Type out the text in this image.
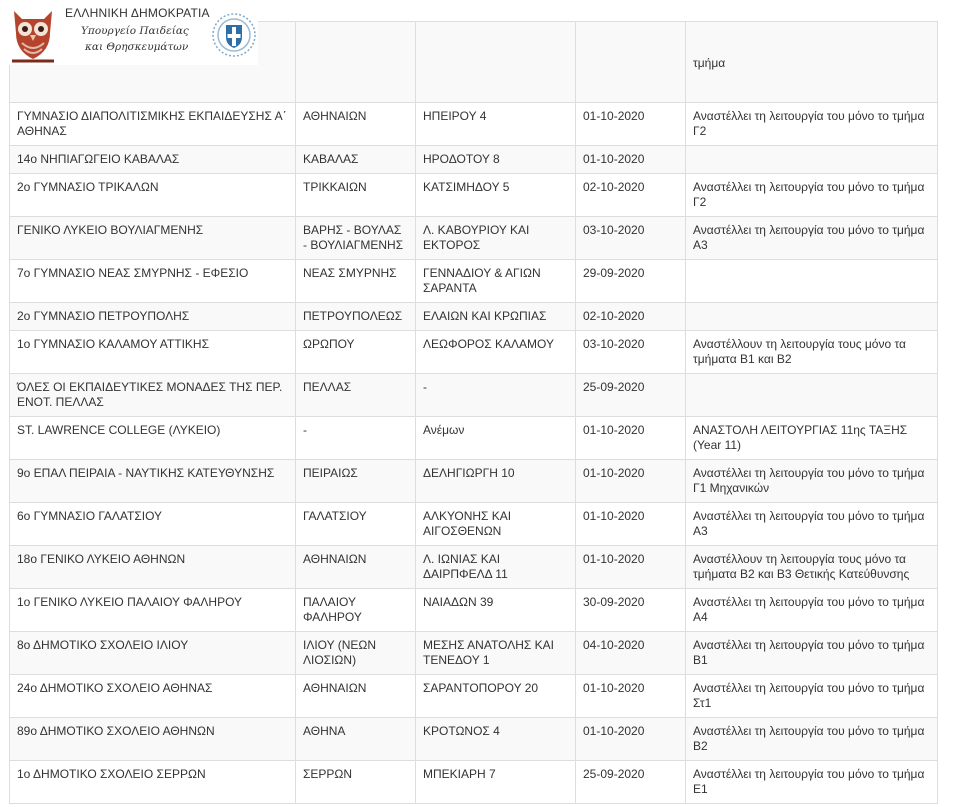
ΕΛΛΗΝΙΚΗ ΔΗΜΟΚΡΑΤΙΑ
Υπουργείο Παιδείας
και Θρησκευμάτων
				τμήμα
ΓΥΜΝΑΣΙΟ ΔΙΑΠΟΛΙΤΙΣΜΙΚΗΣ ΕΚΠΑΙΔΕΥΣΗΣ Α΄ ΑΘΗΝΑΣ	ΑΘΗΝΑΙΩΝ	ΗΠΕΙΡΟΥ 4	01-10-2020	Αναστέλλει τη λειτουργία του μόνο το τμήμα Γ2
14ο ΝΗΠΙΑΓΩΓΕΙΟ ΚΑΒΑΛΑΣ	ΚΑΒΑΛΑΣ	ΗΡΟΔΟΤΟΥ 8	01-10-2020	
2ο ΓΥΜΝΑΣΙΟ ΤΡΙΚΑΛΩΝ	ΤΡΙΚΚΑΙΩΝ	ΚΑΤΣΙΜΗΔΟΥ 5	02-10-2020	Αναστέλλει τη λειτουργία του μόνο το τμήμα Γ2
ΓΕΝΙΚΟ ΛΥΚΕΙΟ ΒΟΥΛΙΑΓΜΕΝΗΣ	ΒΑΡΗΣ - ΒΟΥΛΑΣ - ΒΟΥΛΙΑΓΜΕΝΗΣ	Λ. ΚΑΒΟΥΡΙΟΥ ΚΑΙ ΕΚΤΟΡΟΣ	03-10-2020	Αναστέλλει τη λειτουργία του μόνο το τμήμα Α3
7ο ΓΥΜΝΑΣΙΟ ΝΕΑΣ ΣΜΥΡΝΗΣ - ΕΦΕΣΙΟ	ΝΕΑΣ ΣΜΥΡΝΗΣ	ΓΕΝΝΑΔΙΟΥ & ΑΓΙΩΝ ΣΑΡΑΝΤΑ	29-09-2020	
2ο ΓΥΜΝΑΣΙΟ ΠΕΤΡΟΥΠΟΛΗΣ	ΠΕΤΡΟΥΠΟΛΕΩΣ	ΕΛΑΙΩΝ ΚΑΙ ΚΡΩΠΙΑΣ	02-10-2020	
1ο ΓΥΜΝΑΣΙΟ ΚΑΛΑΜΟΥ ΑΤΤΙΚΗΣ	ΩΡΩΠΟΥ	ΛΕΩΦΟΡΟΣ ΚΑΛΑΜΟΥ	03-10-2020	Αναστέλλουν τη λειτουργία τους μόνο τα τμήματα Β1 και Β2
ΌΛΕΣ ΟΙ ΕΚΠΑΙΔΕΥΤΙΚΕΣ ΜΟΝΑΔΕΣ ΤΗΣ ΠΕΡ. ΕΝΟΤ. ΠΕΛΛΑΣ	ΠΕΛΛΑΣ	-	25-09-2020	
ST. LAWRENCE COLLEGE (ΛΥΚΕΙΟ)	-	Ανέμων	01-10-2020	ΑΝΑΣΤΟΛΗ ΛΕΙΤΟΥΡΓΙΑΣ 11ης ΤΑΞΗΣ (Year 11)
9ο ΕΠΑΛ ΠΕΙΡΑΙΑ - ΝΑΥΤΙΚΗΣ ΚΑΤΕΥΘΥΝΣΗΣ	ΠΕΙΡΑΙΩΣ	ΔΕΛΗΓΙΩΡΓΗ 10	01-10-2020	Αναστέλλει τη λειτουργία του μόνο το τμήμα Γ1 Μηχανικών
6ο ΓΥΜΝΑΣΙΟ ΓΑΛΑΤΣΙΟΥ	ΓΑΛΑΤΣΙΟΥ	ΑΛΚΥΟΝΗΣ ΚΑΙ ΑΙΓΟΣΘΕΝΩΝ	01-10-2020	Αναστέλλει τη λειτουργία του μόνο το τμήμα Α3
18ο ΓΕΝΙΚΟ ΛΥΚΕΙΟ ΑΘΗΝΩΝ	ΑΘΗΝΑΙΩΝ	Λ. ΙΩΝΙΑΣ ΚΑΙ ΔΑΙΡΠΦΕΛΔ 11	01-10-2020	Αναστέλλουν τη λειτουργία τους μόνο τα τμήματα Β2 και Β3 Θετικής Κατεύθυνσης
1ο ΓΕΝΙΚΟ ΛΥΚΕΙΟ ΠΑΛΑΙΟΥ ΦΑΛΗΡΟΥ	ΠΑΛΑΙΟΥ ΦΑΛΗΡΟΥ	ΝΑΙΑΔΩΝ 39	30-09-2020	Αναστέλλει τη λειτουργία του μόνο το τμήμα Α4
8ο ΔΗΜΟΤΙΚΟ ΣΧΟΛΕΙΟ ΙΛΙΟΥ	ΙΛΙΟΥ (ΝΕΩΝ ΛΙΟΣΙΩΝ)	ΜΕΣΗΣ ΑΝΑΤΟΛΗΣ ΚΑΙ ΤΕΝΕΔΟΥ 1	04-10-2020	Αναστέλλει τη λειτουργία του μόνο το τμήμα Β1
24ο ΔΗΜΟΤΙΚΟ ΣΧΟΛΕΙΟ ΑΘΗΝΑΣ	ΑΘΗΝΑΙΩΝ	ΣΑΡΑΝΤΟΠΟΡΟΥ 20	01-10-2020	Αναστέλλει τη λειτουργία του μόνο το τμήμα Στ1
89ο ΔΗΜΟΤΙΚΟ ΣΧΟΛΕΙΟ ΑΘΗΝΩΝ	ΑΘΗΝΑ	ΚΡΟΤΩΝΟΣ 4	01-10-2020	Αναστέλλει τη λειτουργία του μόνο το τμήμα Β2
1ο ΔΗΜΟΤΙΚΟ ΣΧΟΛΕΙΟ ΣΕΡΡΩΝ	ΣΕΡΡΩΝ	ΜΠΕΚΙΑΡΗ 7	25-09-2020	Αναστέλλει τη λειτουργία του μόνο το τμήμα Ε1
